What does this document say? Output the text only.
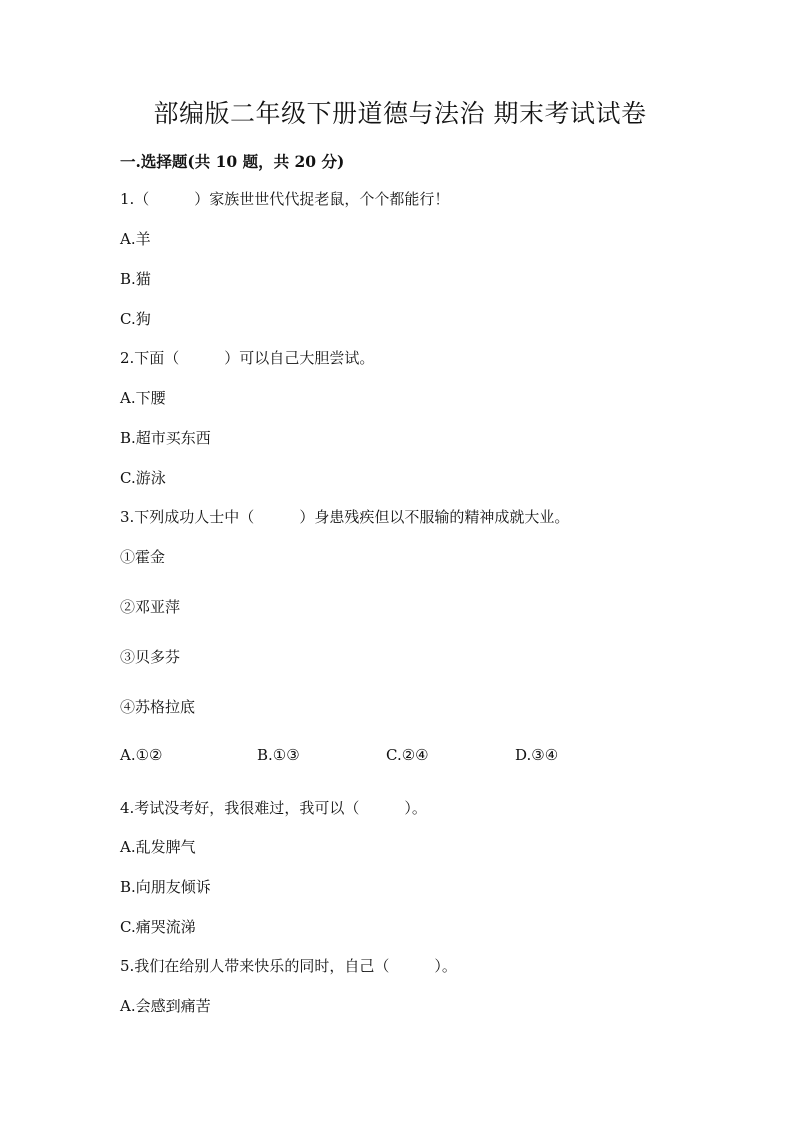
部编版二年级下册道德与法治 期末考试试卷
一.选择题(共 10 题，共 20 分)
1.（　　　）家族世世代代捉老鼠，个个都能行！
A.羊
B.猫
C.狗
2.下面（　　　）可以自己大胆尝试。
A.下腰
B.超市买东西
C.游泳
3.下列成功人士中（　　　）身患残疾但以不服输的精神成就大业。
①霍金
②邓亚萍
③贝多芬
④苏格拉底
A.①②	B.①③	C.②④	D.③④
4.考试没考好，我很难过，我可以（　　　）。
A.乱发脾气
B.向朋友倾诉
C.痛哭流涕
5.我们在给别人带来快乐的同时，自己（　　　）。
A.会感到痛苦
